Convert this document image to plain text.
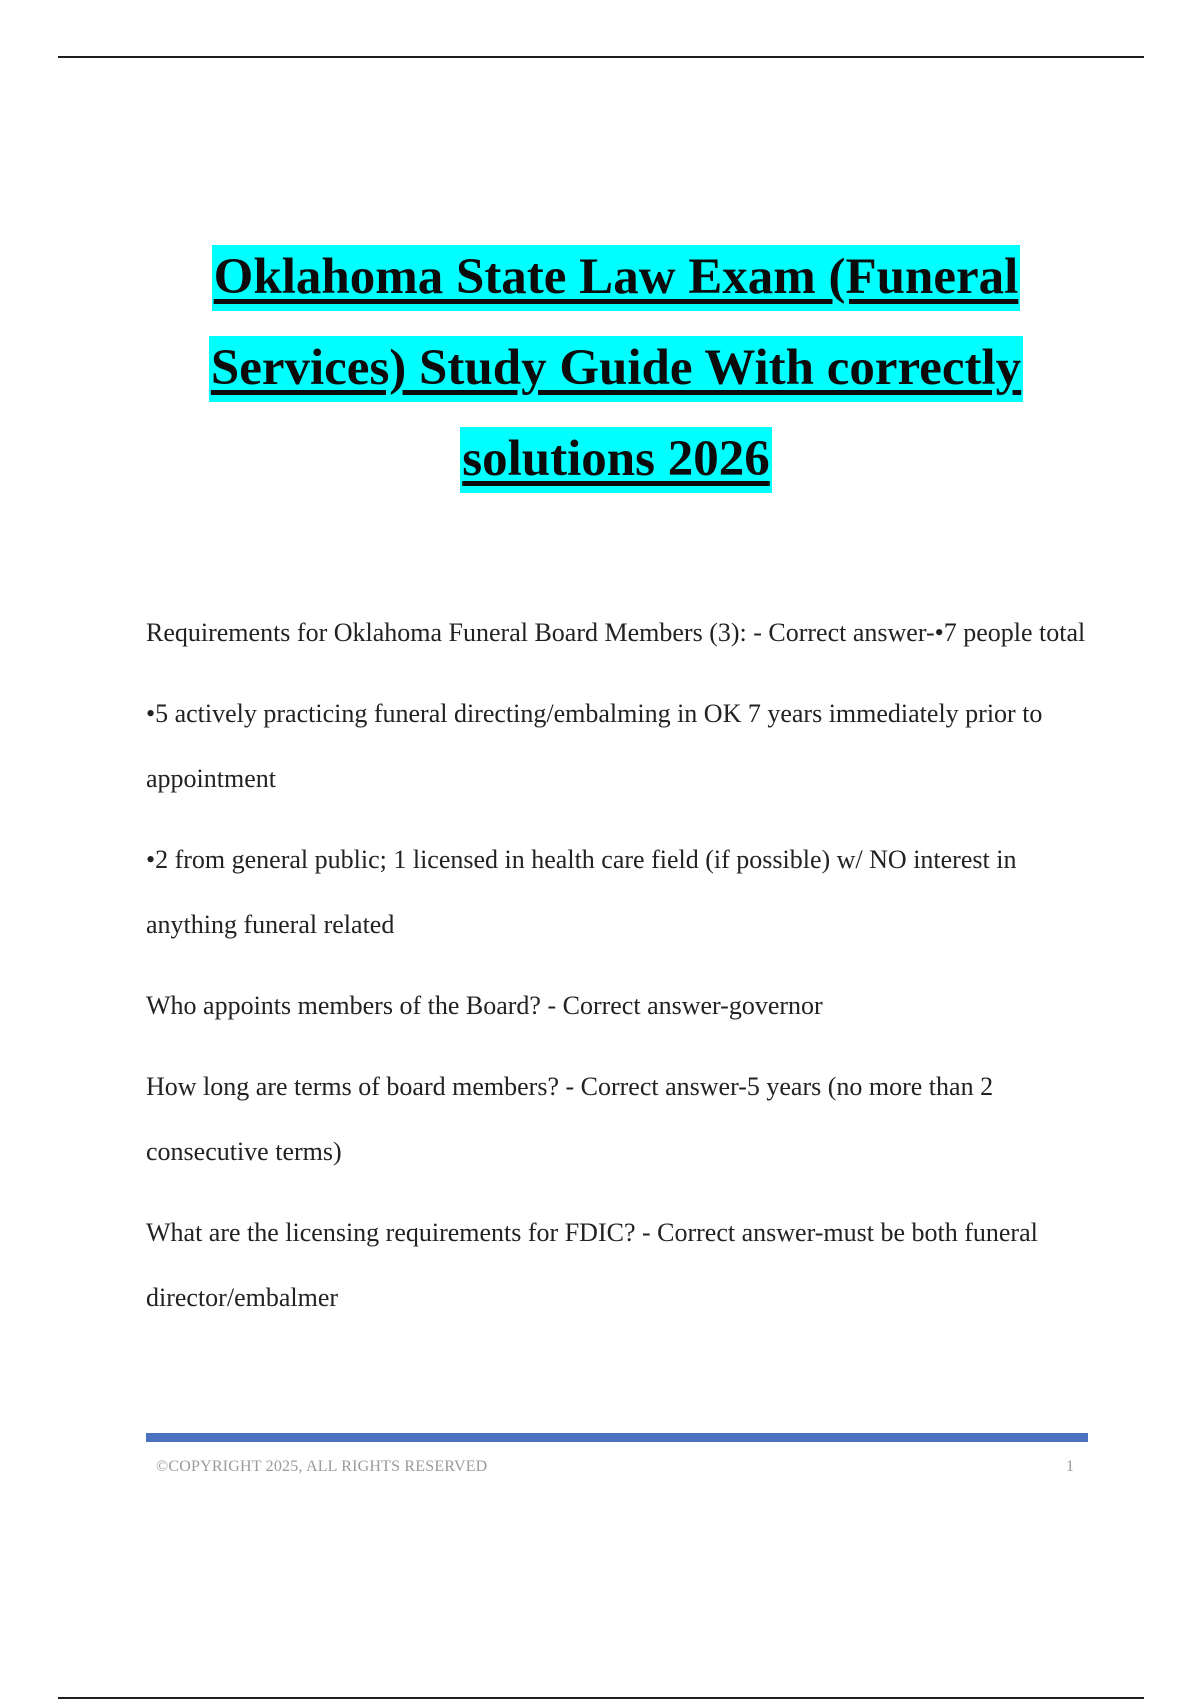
Oklahoma State Law Exam (Funeral

Services) Study Guide With correctly

solutions 2026

Requirements for Oklahoma Funeral Board Members (3): - Correct answer-•7 people total

•5 actively practicing funeral directing/embalming in OK 7 years immediately prior to appointment

•2 from general public; 1 licensed in health care field (if possible) w/ NO interest in anything funeral related

Who appoints members of the Board? - Correct answer-governor

How long are terms of board members? - Correct answer-5 years (no more than 2 consecutive terms)

What are the licensing requirements for FDIC? - Correct answer-must be both funeral director/embalmer

©COPYRIGHT 2025, ALL RIGHTS RESERVED	1
